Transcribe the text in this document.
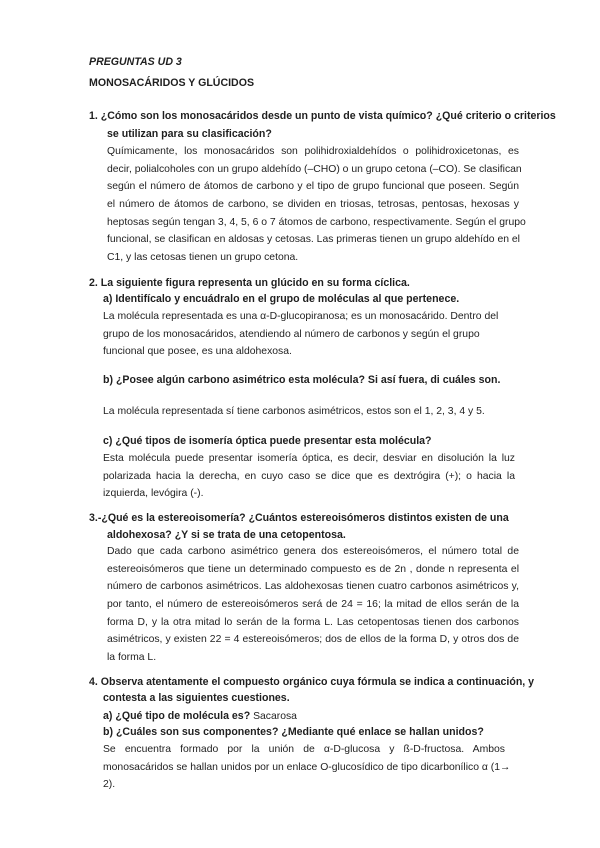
PREGUNTAS UD 3
MONOSACÁRIDOS Y GLÚCIDOS
1. ¿Cómo son los monosacáridos desde un punto de vista químico? ¿Qué criterio o criterios
se utilizan para su clasificación?
Químicamente, los monosacáridos son polihidroxialdehídos o polihidroxicetonas, es
decir, polialcoholes con un grupo aldehído (–CHO) o un grupo cetona (–CO). Se clasifican
según el número de átomos de carbono y el tipo de grupo funcional que poseen. Según
el número de átomos de carbono, se dividen en triosas, tetrosas, pentosas, hexosas y
heptosas según tengan 3, 4, 5, 6 o 7 átomos de carbono, respectivamente. Según el grupo
funcional, se clasifican en aldosas y cetosas. Las primeras tienen un grupo aldehído en el
C1, y las cetosas tienen un grupo cetona.
2. La siguiente figura representa un glúcido en su forma cíclica.
a) Identifícalo y encuádralo en el grupo de moléculas al que pertenece.
La molécula representada es una α-D-glucopiranosa; es un monosacárido. Dentro del
grupo de los monosacáridos, atendiendo al número de carbonos y según el grupo
funcional que posee, es una aldohexosa.
b) ¿Posee algún carbono asimétrico esta molécula? Si así fuera, di cuáles son.
La molécula representada sí tiene carbonos asimétricos, estos son el 1, 2, 3, 4 y 5.
c) ¿Qué tipos de isomería óptica puede presentar esta molécula?
Esta molécula puede presentar isomería óptica, es decir, desviar en disolución la luz
polarizada hacia la derecha, en cuyo caso se dice que es dextrógira (+); o hacia la
izquierda, levógira (-).
3.-¿Qué es la estereoisomería? ¿Cuántos estereoisómeros distintos existen de una
aldohexosa? ¿Y si se trata de una cetopentosa.
Dado que cada carbono asimétrico genera dos estereoisómeros, el número total de
estereoisómeros que tiene un determinado compuesto es de 2n , donde n representa el
número de carbonos asimétricos. Las aldohexosas tienen cuatro carbonos asimétricos y,
por tanto, el número de estereoisómeros será de 24 = 16; la mitad de ellos serán de la
forma D, y la otra mitad lo serán de la forma L. Las cetopentosas tienen dos carbonos
asimétricos, y existen 22 = 4 estereoisómeros; dos de ellos de la forma D, y otros dos de
la forma L.
4. Observa atentamente el compuesto orgánico cuya fórmula se indica a continuación, y
contesta a las siguientes cuestiones.
a) ¿Qué tipo de molécula es? Sacarosa
b) ¿Cuáles son sus componentes? ¿Mediante qué enlace se hallan unidos?
Se encuentra formado por la unión de α-D-glucosa y ß-D-fructosa. Ambos
monosacáridos se hallan unidos por un enlace O-glucosídico de tipo dicarbonílico α (1→
2).
